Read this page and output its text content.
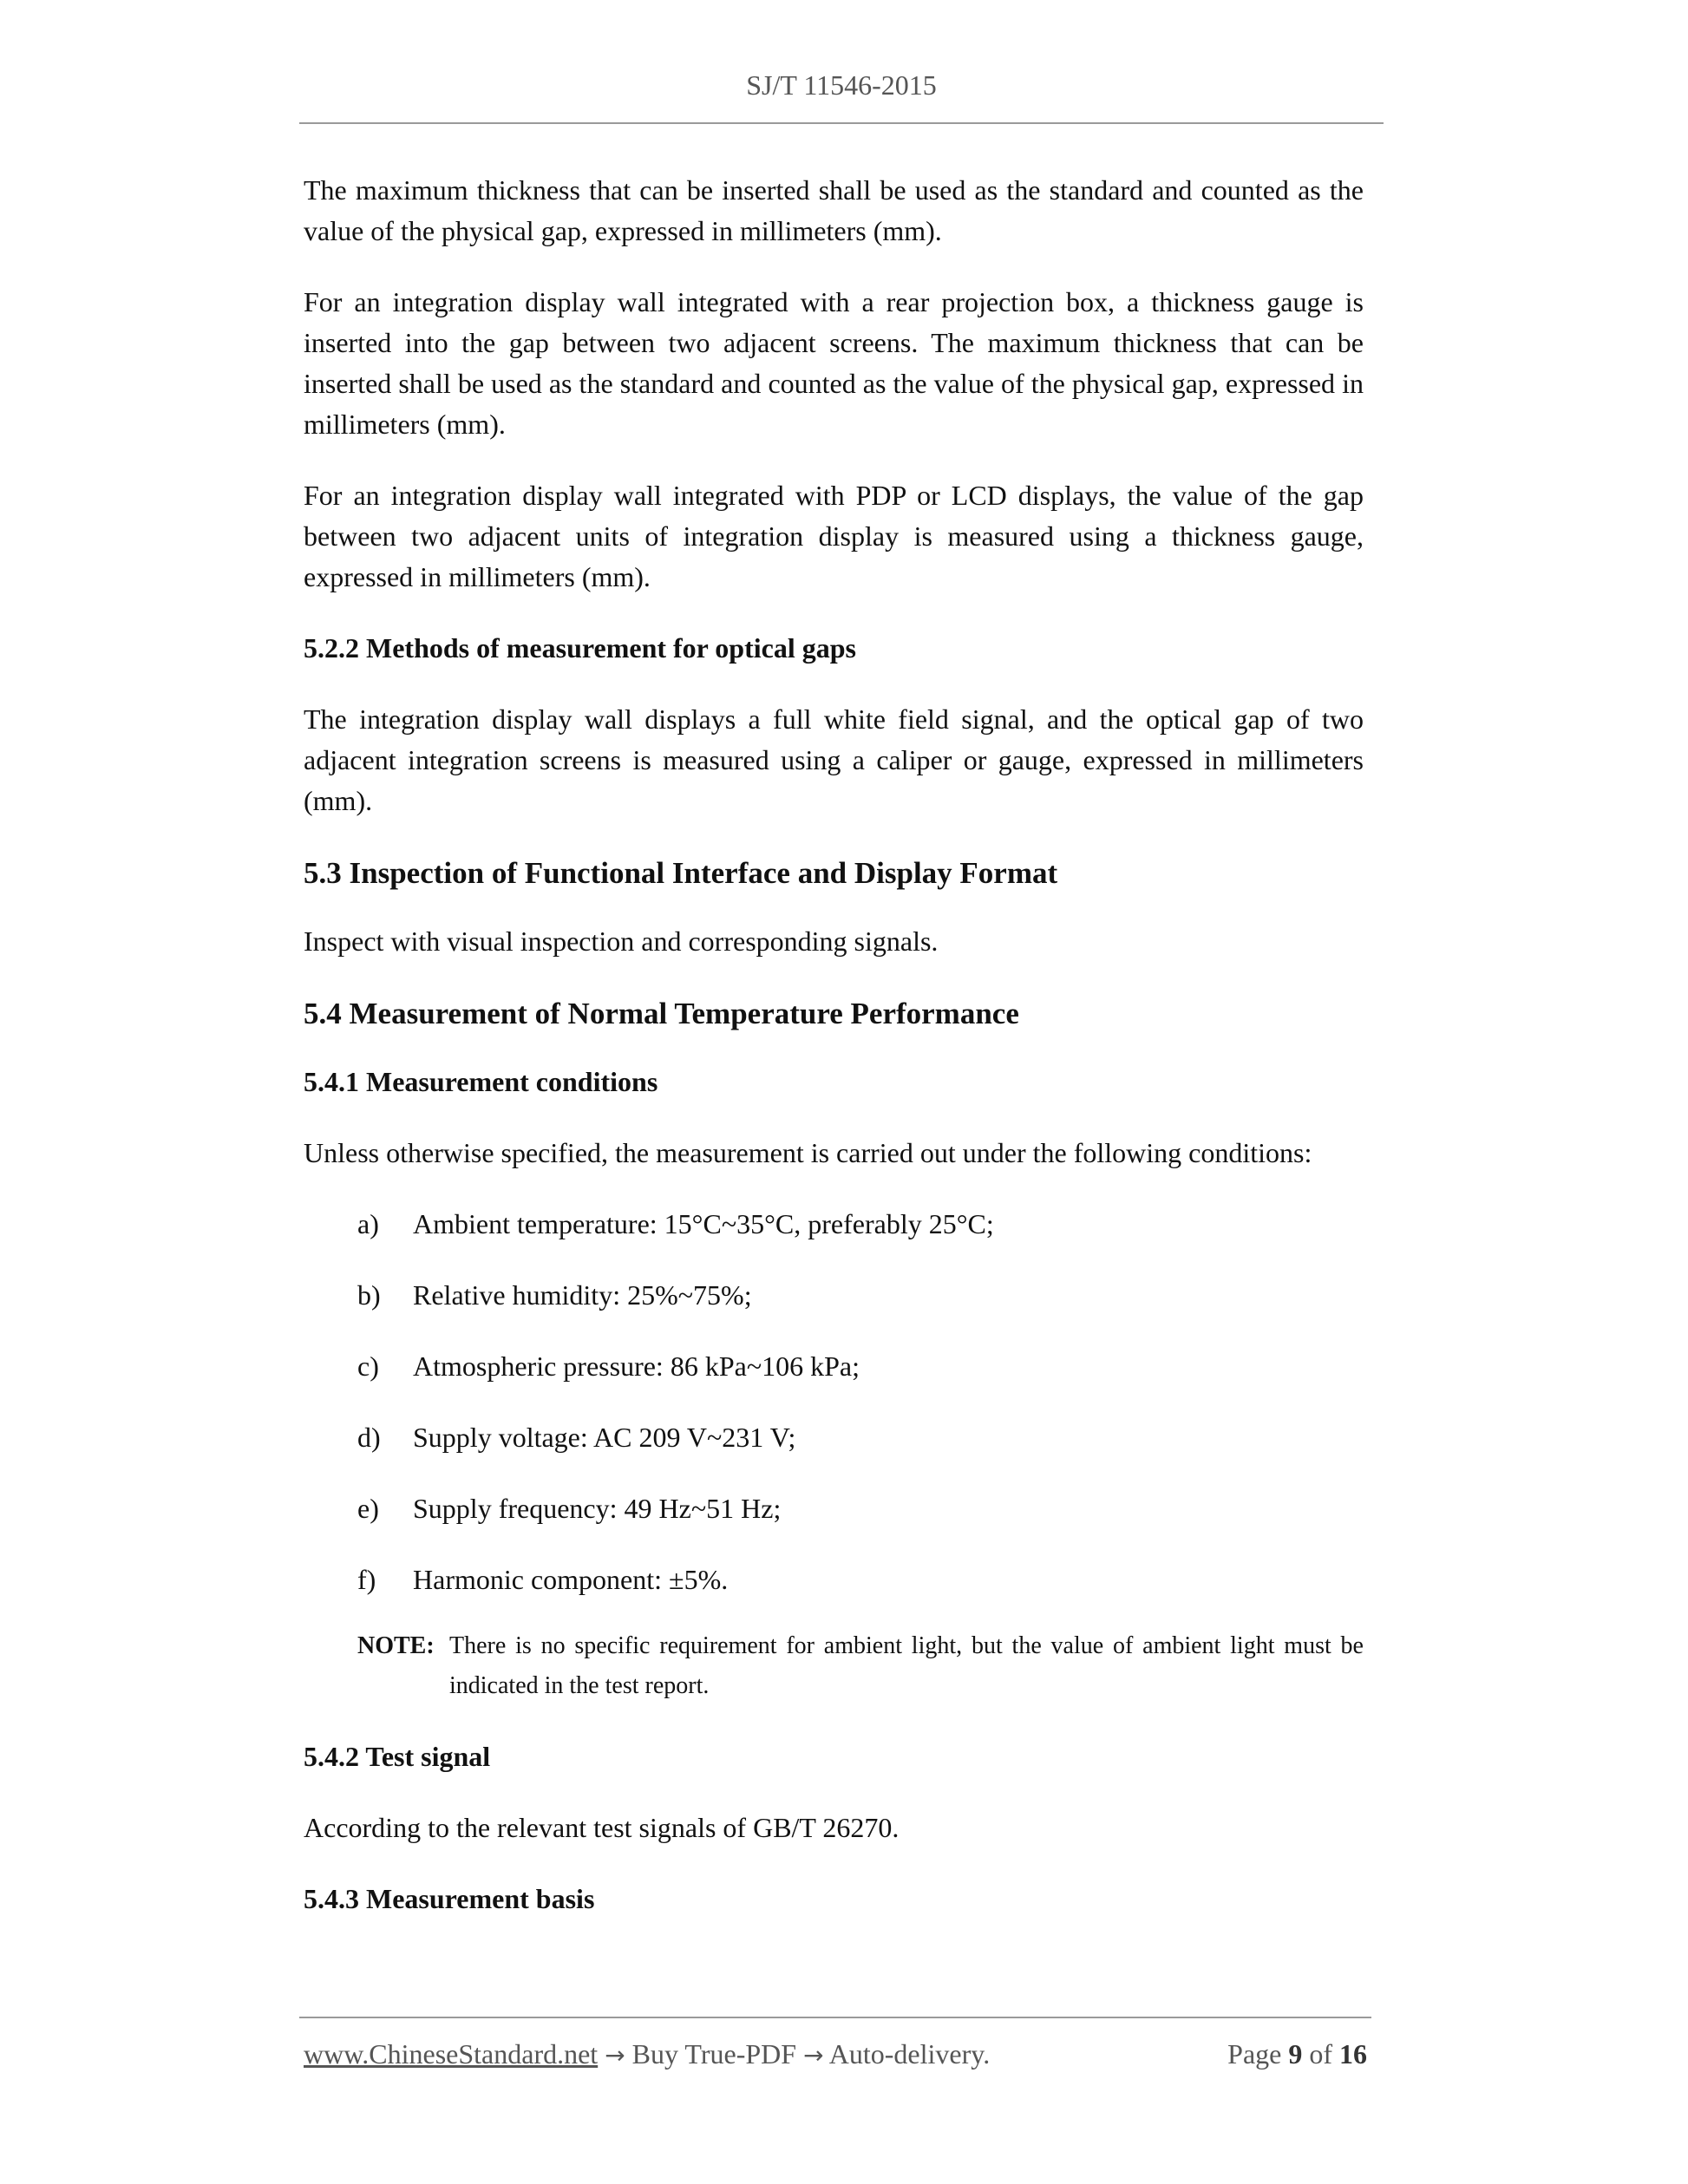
SJ/T 11546-2015

The maximum thickness that can be inserted shall be used as the standard and counted as the value of the physical gap, expressed in millimeters (mm).

For an integration display wall integrated with a rear projection box, a thickness gauge is inserted into the gap between two adjacent screens. The maximum thickness that can be inserted shall be used as the standard and counted as the value of the physical gap, expressed in millimeters (mm).

For an integration display wall integrated with PDP or LCD displays, the value of the gap between two adjacent units of integration display is measured using a thickness gauge, expressed in millimeters (mm).

5.2.2 Methods of measurement for optical gaps

The integration display wall displays a full white field signal, and the optical gap of two adjacent integration screens is measured using a caliper or gauge, expressed in millimeters (mm).

5.3 Inspection of Functional Interface and Display Format

Inspect with visual inspection and corresponding signals.

5.4 Measurement of Normal Temperature Performance
5.4.1 Measurement conditions

Unless otherwise specified, the measurement is carried out under the following conditions:

a)	Ambient temperature: 15°C~35°C, preferably 25°C;
b)	Relative humidity: 25%~75%;
c)	Atmospheric pressure: 86 kPa~106 kPa;
d)	Supply voltage: AC 209 V~231 V;
e)	Supply frequency: 49 Hz~51 Hz;
f)	Harmonic component: ±5%.
NOTE: There is no specific requirement for ambient light, but the value of ambient light must be indicated in the test report.
5.4.2 Test signal

According to the relevant test signals of GB/T 26270.

5.4.3 Measurement basis
www.ChineseStandard.net → Buy True-PDF → Auto-delivery.	Page 9 of 16
